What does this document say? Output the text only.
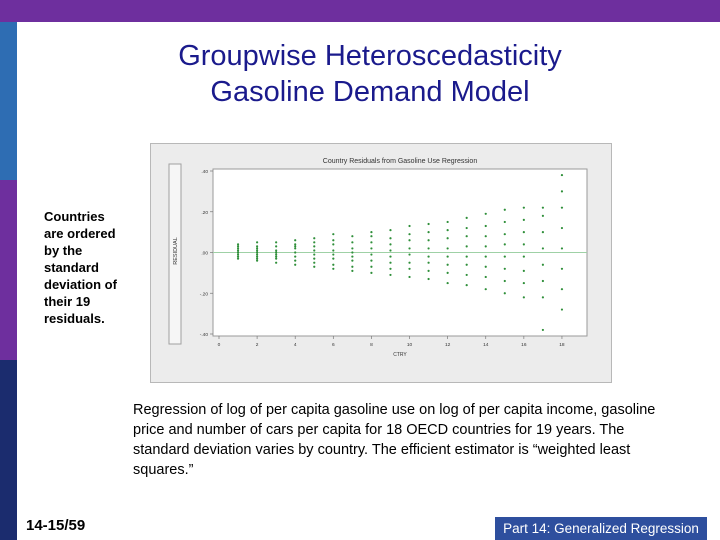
Groupwise Heteroscedasticity
Gasoline Demand Model
Countries are ordered by the standard deviation of their 19 residuals.
Country Residuals from Gasoline Use Regression
RESIDUAL
CTRY
.40
.20
.00
-.20
-.40
0	2	4	6	8	10	12	14	16	18
Regression of log of per capita gasoline use on log of per capita income, gasoline price and number of cars per capita for 18 OECD countries for 19 years. The standard deviation varies by country. The efficient estimator is “weighted least squares.”
14-15/59	Part 14: Generalized Regression
